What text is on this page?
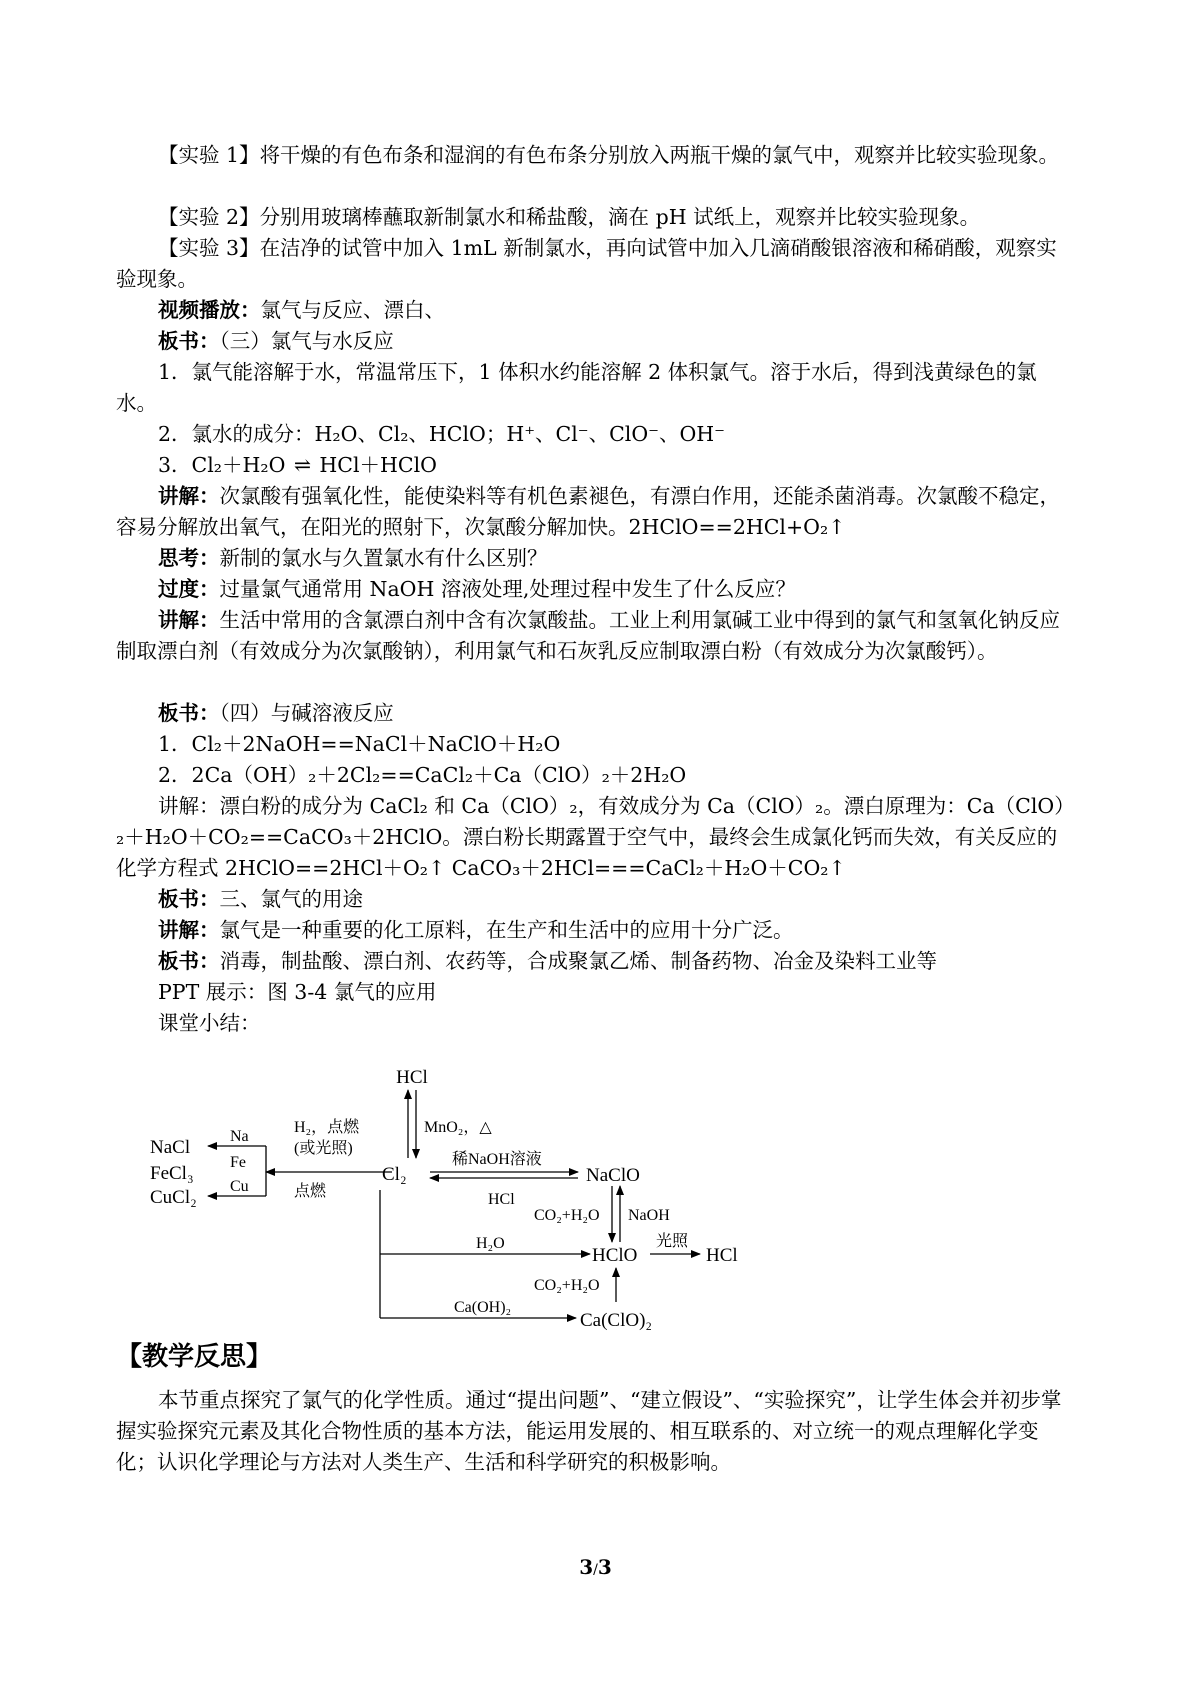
【实验 1】将干燥的有色布条和湿润的有色布条分别放入两瓶干燥的氯气中，观察并比较实验现象。

【实验 2】分别用玻璃棒蘸取新制氯水和稀盐酸，滴在 pH 试纸上，观察并比较实验现象。

【实验 3】在洁净的试管中加入 1mL 新制氯水，再向试管中加入几滴硝酸银溶液和稀硝酸，观察实验现象。

视频播放：氯气与反应、漂白、

板书：（三）氯气与水反应

1．氯气能溶解于水，常温常压下，1 体积水约能溶解 2 体积氯气。溶于水后，得到浅黄绿色的氯水。

2．氯水的成分：H₂O、Cl₂、HClO；H⁺、Cl⁻、ClO⁻、OH⁻

3．Cl₂＋H₂O ⇌ HCl＋HClO

讲解：次氯酸有强氧化性，能使染料等有机色素褪色，有漂白作用，还能杀菌消毒。次氯酸不稳定，容易分解放出氧气，在阳光的照射下，次氯酸分解加快。2HClO==2HCl+O₂↑

思考：新制的氯水与久置氯水有什么区别？

过度：过量氯气通常用 NaOH 溶液处理,处理过程中发生了什么反应？

讲解：生活中常用的含氯漂白剂中含有次氯酸盐。工业上利用氯碱工业中得到的氯气和氢氧化钠反应制取漂白剂（有效成分为次氯酸钠），利用氯气和石灰乳反应制取漂白粉（有效成分为次氯酸钙）。

板书：（四）与碱溶液反应

1．Cl₂＋2NaOH==NaCl＋NaClO＋H₂O

2．2Ca（OH）₂＋2Cl₂==CaCl₂＋Ca（ClO）₂＋2H₂O

讲解：漂白粉的成分为 CaCl₂ 和 Ca（ClO）₂，有效成分为 Ca（ClO）₂。漂白原理为：Ca（ClO）₂＋H₂O＋CO₂==CaCO₃＋2HClO。漂白粉长期露置于空气中，最终会生成氯化钙而失效，有关反应的化学方程式 2HClO==2HCl＋O₂↑ CaCO₃＋2HCl===CaCl₂＋H₂O＋CO₂↑

板书：三、氯气的用途

讲解：氯气是一种重要的化工原料，在生产和生活中的应用十分广泛。

板书：消毒，制盐酸、漂白剂、农药等，合成聚氯乙烯、制备药物、冶金及染料工业等

PPT 展示：图 3-4 氯气的应用

课堂小结：

HCl
NaCl
FeCl₃
CuCl₂
Cl₂	NaClO
HClO	HCl
Ca(ClO)₂
Na
Fe
Cu	点燃
H₂，点燃
(或光照)
MnO₂，△
稀NaOH溶液
HCl
CO₂+H₂O NaOH
H₂O	光照
CO₂+H₂O
Ca(OH)₂
【教学反思】

本节重点探究了氯气的化学性质。通过“提出问题”、“建立假设”、“实验探究”，让学生体会并初步掌握实验探究元素及其化合物性质的基本方法，能运用发展的、相互联系的、对立统一的观点理解化学变化；认识化学理论与方法对人类生产、生活和科学研究的积极影响。

3/3
